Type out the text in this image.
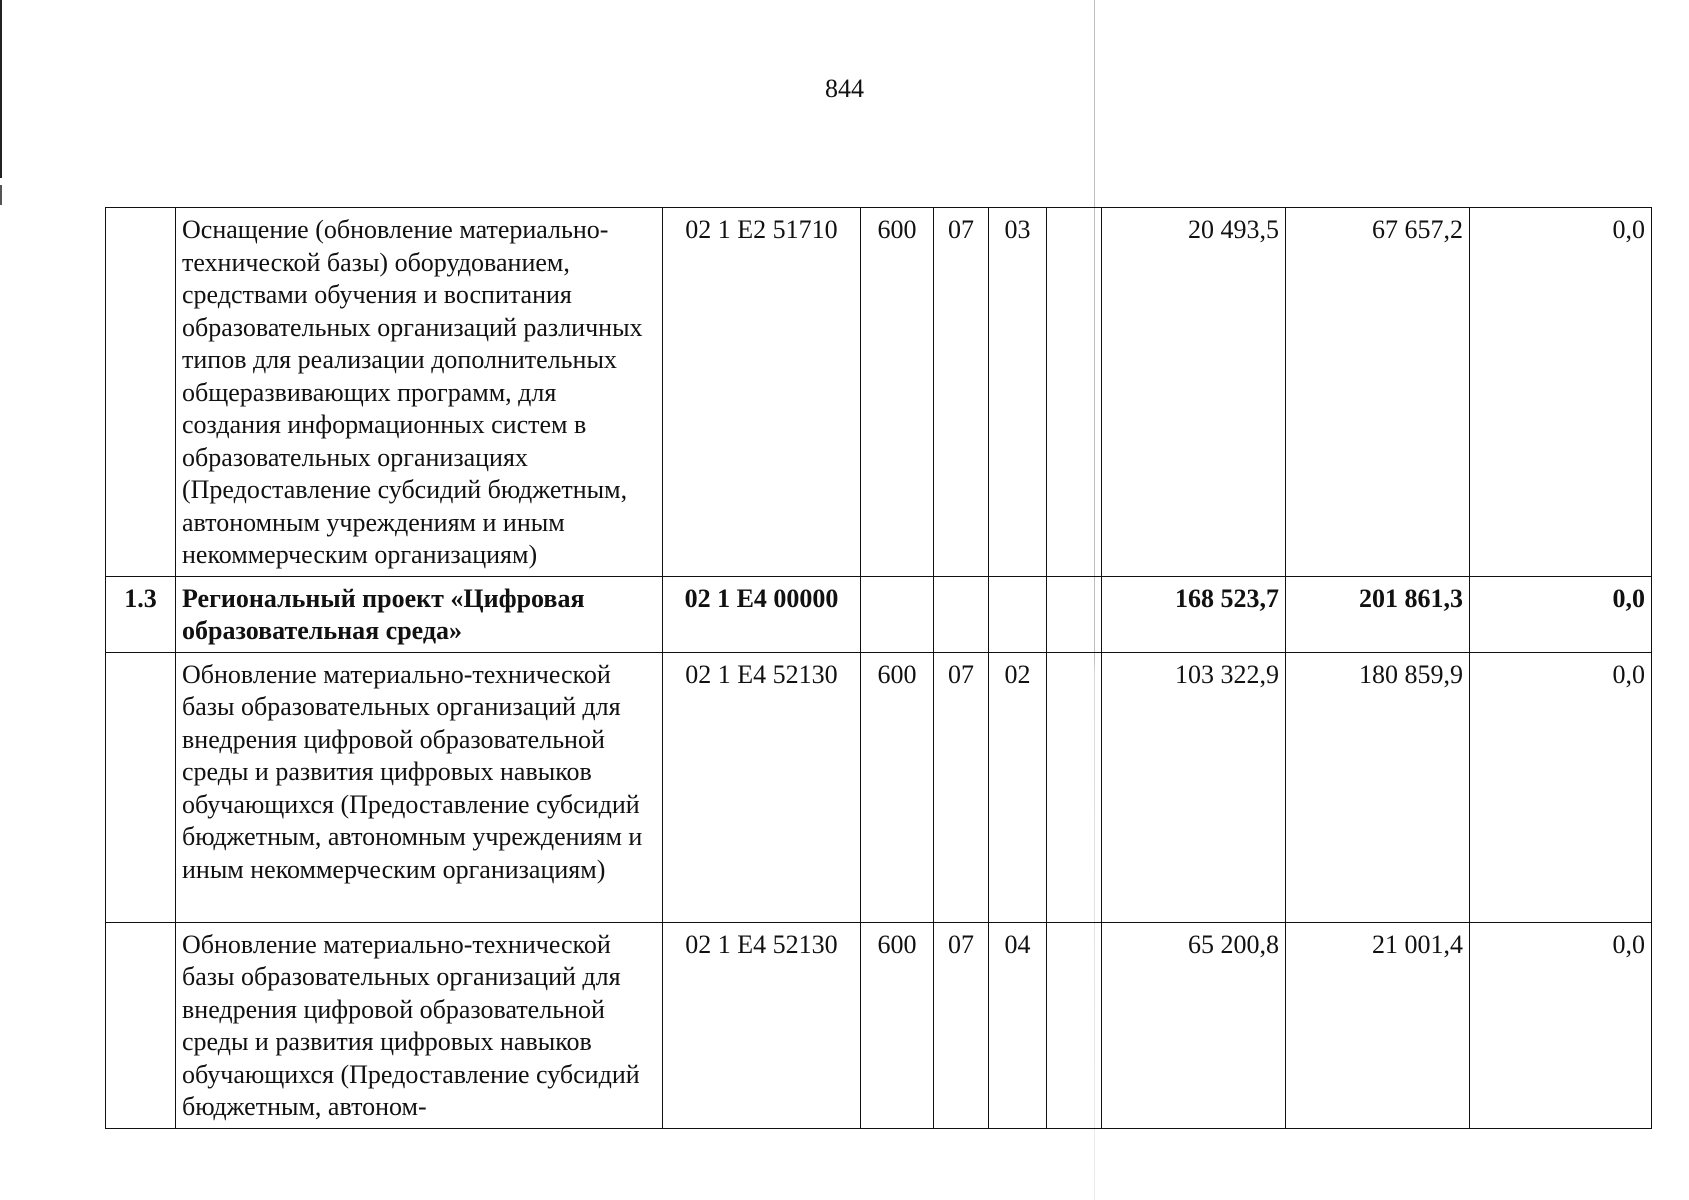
844
	Оснащение (обновление материально-технической базы) оборудованием, средствами обучения и воспитания образовательных организаций различных типов для реализации дополнительных общеразвивающих программ, для создания информационных систем в образовательных организациях (Предоставление субсидий бюджетным, автономным учреждениям и иным некоммерческим организациям)	02 1 E2 51710	600	07	03		20 493,5	67 657,2	0,0
1.3	Региональный проект «Цифровая образовательная среда»	02 1 E4 00000					168 523,7	201 861,3	0,0
	Обновление материально-технической базы образовательных организаций для внедрения цифровой образовательной среды и развития цифровых навыков обучающихся (Предоставление субсидий бюджетным, автономным учреждениям и иным некоммерческим организациям)	02 1 E4 52130	600	07	02		103 322,9	180 859,9	0,0
	Обновление материально-технической базы образовательных организаций для внедрения цифровой образовательной среды и развития цифровых навыков обучающихся (Предоставление субсидий бюджетным, автоном-	02 1 E4 52130	600	07	04		65 200,8	21 001,4	0,0
